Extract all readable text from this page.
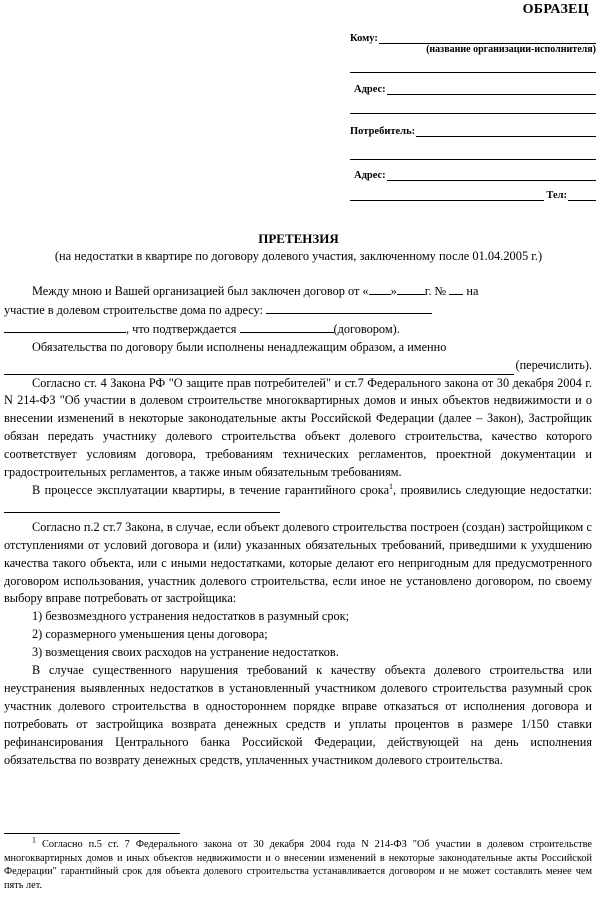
ОБРАЗЕЦ
Кому:
(название организации-исполнителя)
Адрес:
Потребитель:
Адрес:
Тел:
ПРЕТЕНЗИЯ
(на недостатки в квартире по договору долевого участия, заключенному после 01.04.2005 г.)

Между мною и Вашей организацией был заключен договор от « » г. № на

участие в долевом строительстве дома по адресу:

, что подтверждается	(договором).

Обязательства по договору были исполнены ненадлежащим образом, а именно

(перечислить).

Согласно ст. 4 Закона РФ "О защите прав потребителей" и ст.7 Федерального закона от 30 декабря 2004 г. N 214-ФЗ "Об участии в долевом строительстве многоквартирных домов и иных объектов недвижимости и о внесении изменений в некоторые законодательные акты Российской Федерации (далее – Закон), Застройщик обязан передать участнику долевого строительства объект долевого строительства, качество которого соответствует условиям договора, требованиям технических регламентов, проектной документации и градостроительных регламентов, а также иным обязательным требованиям.

В процессе эксплуатации квартиры, в течение гарантийного срока$^1$, проявились следующие недостатки:

Согласно п.2 ст.7 Закона, в случае, если объект долевого строительства построен (создан) застройщиком с отступлениями от условий договора и (или) указанных обязательных требований, приведшими к ухудшению качества такого объекта, или с иными недостатками, которые делают его непригодным для предусмотренного договором использования, участник долевого строительства, если иное не установлено договором, по своему выбору вправе потребовать от застройщика:

1) безвозмездного устранения недостатков в разумный срок;

2) соразмерного уменьшения цены договора;

3) возмещения своих расходов на устранение недостатков.

В случае существенного нарушения требований к качеству объекта долевого строительства или неустранения выявленных недостатков в установленный участником долевого строительства разумный срок участник долевого строительства в одностороннем порядке вправе отказаться от исполнения договора и потребовать от застройщика возврата денежных средств и уплаты процентов в размере 1/150 ставки рефинансирования Центрального банка Российской Федерации, действующей на день исполнения обязательства по возврату денежных средств, уплаченных участником долевого строительства.

$^1$ Согласно п.5 ст. 7 Федерального закона от 30 декабря 2004 года N 214-ФЗ "Об участии в долевом строительстве многоквартирных домов и иных объектов недвижимости и о внесении изменений в некоторые законодательные акты Российской Федерации" гарантийный срок для объекта долевого строительства устанавливается договором и не может составлять менее чем пять лет.
